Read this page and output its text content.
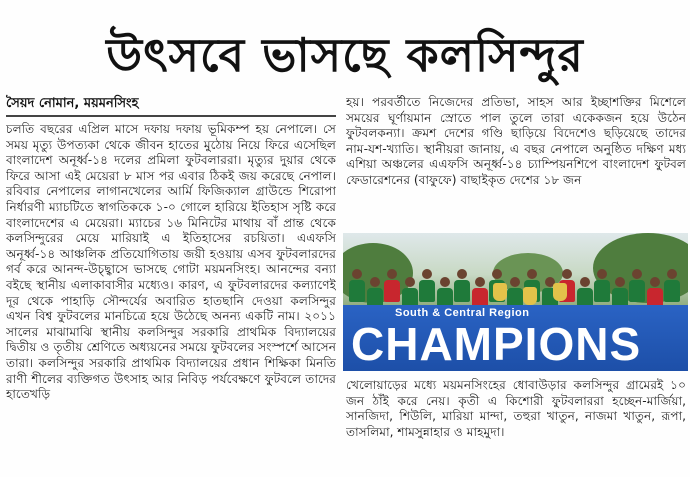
উৎসবে ভাসছে কলসিন্দুর
সৈয়দ নোমান, ময়মনসিংহ

চলতি বছরের এপ্রিল মাসে দফায় দফায় ভূমিকম্প হয় নেপালে। সে সময় মৃত্যু উপত্যকা থেকে জীবন হাতের মুঠোয় নিয়ে ফিরে এসেছিল বাংলাদেশ অনূর্ধ্ব-১৪ দলের প্রমিলা ফুটবলাররা। মৃত্যুর দুয়ার থেকে ফিরে আসা এই মেয়েরা ৮ মাস পর এবার ঠিকই জয় করেছে নেপাল। রবিবার নেপালের লাগানখেলের আর্মি ফিজিক্যাল গ্রাউন্ডে শিরোপা নির্ধারণী ম্যাচটিতে স্বাগতিককে ১-০ গোলে হারিয়ে ইতিহাস সৃষ্টি করে বাংলাদেশের এ মেয়েরা। ম্যাচের ১৬ মিনিটের মাথায় বাঁ প্রান্ত থেকে কলসিন্দুরের মেয়ে মারিয়াই এ ইতিহাসের রচয়িতা। এএফসি অনূর্ধ্ব-১৪ আঞ্চলিক প্রতিযোগিতায় জয়ী হওয়ায় এসব ফুটবলারদের গর্ব করে আনন্দ-উচ্ছ্বাসে ভাসছে গোটা ময়মনসিংহ। আনন্দের বন্যা বইছে স্থানীয় এলাকাবাসীর মধ্যেও। কারণ, এ ফুটবলারদের কল্যাণেই দূর থেকে পাহাড়ি সৌন্দর্যের অবারিত হাতছানি দেওয়া কলসিন্দুর এখন বিশ্ব ফুটবলের মানচিত্রে হয়ে উঠেছে অনন্য একটি নাম। ২০১১ সালের মাঝামাঝি স্থানীয় কলসিন্দুর সরকারি প্রাথমিক বিদ্যালয়ের দ্বিতীয় ও তৃতীয় শ্রেণিতে অধ্যয়নের সময়ে ফুটবলের সংস্পর্শে আসেন তারা। কলসিন্দুর সরকারি প্রাথমিক বিদ্যালয়ের প্রধান শিক্ষিকা মিনতি রাণী শীলের ব্যক্তিগত উৎসাহ আর নিবিড় পর্যবেক্ষণে ফুটবলে তাদের হাতেখড়ি

হয়। পরবর্তীতে নিজেদের প্রতিভা, সাহস আর ইচ্ছাশক্তির মিশেলে সময়ের ঘূর্ণায়মান স্রোতে পাল তুলে তারা একেকজন হয়ে উঠেন ফুটবলকন্যা। ক্রমশ দেশের গণ্ডি ছাড়িয়ে বিদেশেও ছড়িয়েছে তাদের নাম-যশ-খ্যাতি। স্থানীয়রা জানায়, এ বছর নেপালে অনুষ্ঠিত দক্ষিণ মধ্য এশিয়া অঞ্চলের এএফসি অনূর্ধ্ব-১৪ চ্যাম্পিয়নশিপে বাংলাদেশ ফুটবল ফেডারেশনের (বাফুফে) বাছাইকৃত দেশের ১৮ জন

South & Central Region
CHAMPIONS

খেলোয়াড়ের মধ্যে ময়মনসিংহের ধোবাউড়ার কলসিন্দুর গ্রামেরই ১০ জন ঠাঁই করে নেয়। কৃতী এ কিশোরী ফুটবলাররা হচ্ছেন-মার্জিয়া, সানজিদা, শিউলি, মারিয়া মান্দা, তহুরা খাতুন, নাজমা খাতুন, রূপা, তাসলিমা, শামসুন্নাহার ও মাহমুদা।
